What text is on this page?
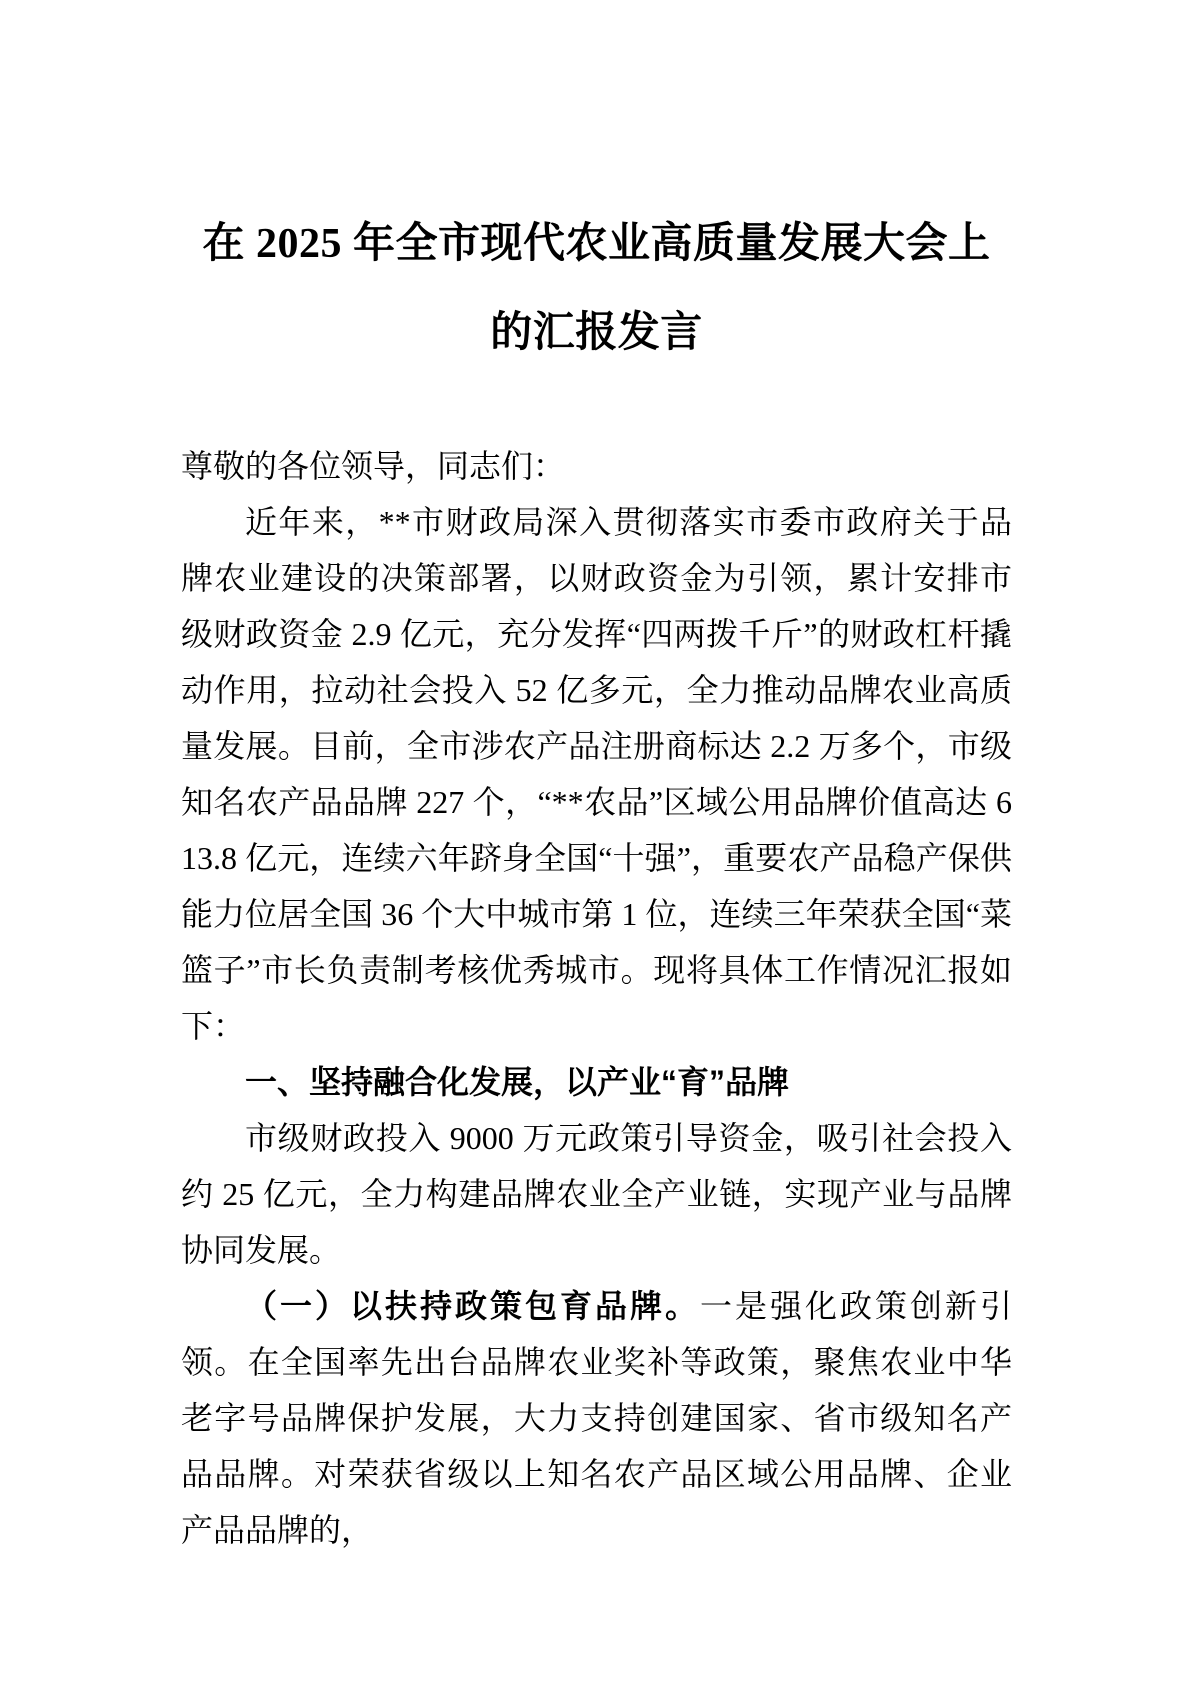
在 2025 年全市现代农业高质量发展大会上
的汇报发言

尊敬的各位领导，同志们：

近年来，**市财政局深入贯彻落实市委市政府关于品牌农业建设的决策部署，以财政资金为引领，累计安排市级财政资金 2.9 亿元，充分发挥“四两拨千斤”的财政杠杆撬动作用，拉动社会投入 52 亿多元，全力推动品牌农业高质量发展。目前，全市涉农产品注册商标达 2.2 万多个，市级知名农产品品牌 227 个，“**农品”区域公用品牌价值高达 613.8 亿元，连续六年跻身全国“十强”，重要农产品稳产保供能力位居全国 36 个大中城市第 1 位，连续三年荣获全国“菜篮子”市长负责制考核优秀城市。现将具体工作情况汇报如下：

一、坚持融合化发展，以产业“育”品牌

市级财政投入 9000 万元政策引导资金，吸引社会投入约 25 亿元，全力构建品牌农业全产业链，实现产业与品牌协同发展。

（一）以扶持政策包育品牌。一是强化政策创新引领。在全国率先出台品牌农业奖补等政策，聚焦农业中华老字号品牌保护发展，大力支持创建国家、省市级知名产品品牌。对荣获省级以上知名农产品区域公用品牌、企业产品品牌的，
